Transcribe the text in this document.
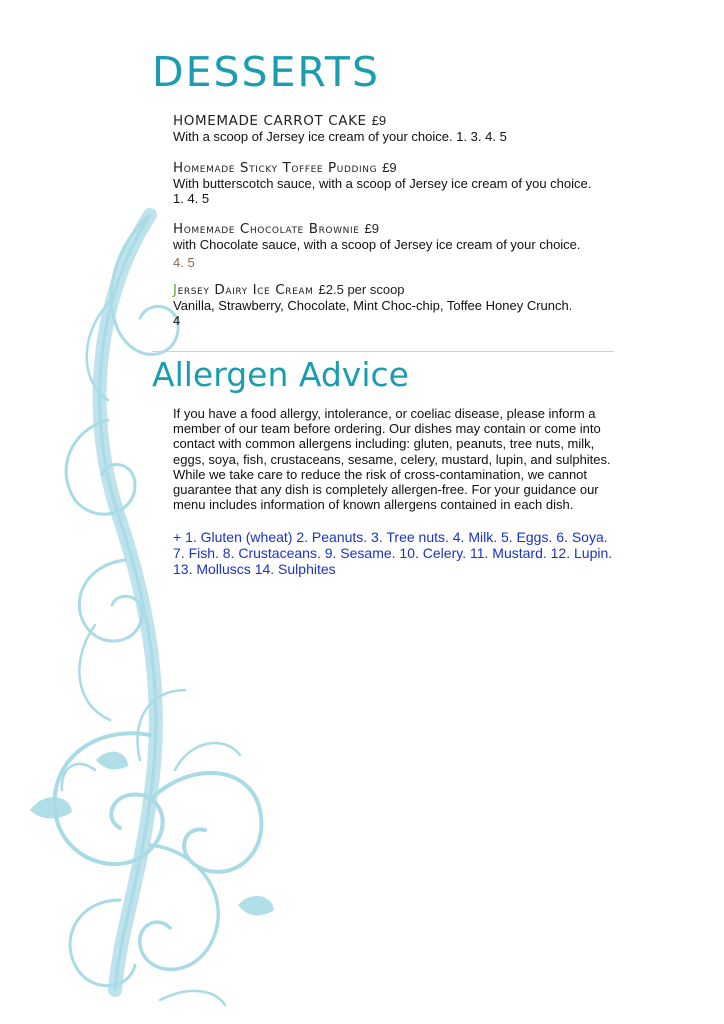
DESSERTS
HOMEMADE CARROT CAKE £9
With a scoop of Jersey ice cream of your choice. 1. 3. 4. 5
Homemade Sticky Toffee Pudding £9
With butterscotch sauce, with a scoop of Jersey ice cream of you choice.
1. 4. 5
Homemade Chocolate Brownie £9
with Chocolate sauce, with a scoop of Jersey ice cream of your choice.
4. 5
Jersey Dairy Ice Cream £2.5 per scoop
Vanilla, Strawberry, Chocolate, Mint Choc-chip, Toffee Honey Crunch.
4
Allergen Advice
If you have a food allergy, intolerance, or coeliac disease, please inform a member of our team before ordering. Our dishes may contain or come into contact with common allergens including: gluten, peanuts, tree nuts, milk, eggs, soya, fish, crustaceans, sesame, celery, mustard, lupin, and sulphites. While we take care to reduce the risk of cross-contamination, we cannot guarantee that any dish is completely allergen-free. For your guidance our menu includes information of known allergens contained in each dish.
+ 1. Gluten (wheat) 2. Peanuts. 3. Tree nuts. 4. Milk. 5. Eggs. 6. Soya. 7. Fish. 8. Crustaceans. 9. Sesame. 10. Celery. 11. Mustard. 12. Lupin. 13. Molluscs 14. Sulphites
